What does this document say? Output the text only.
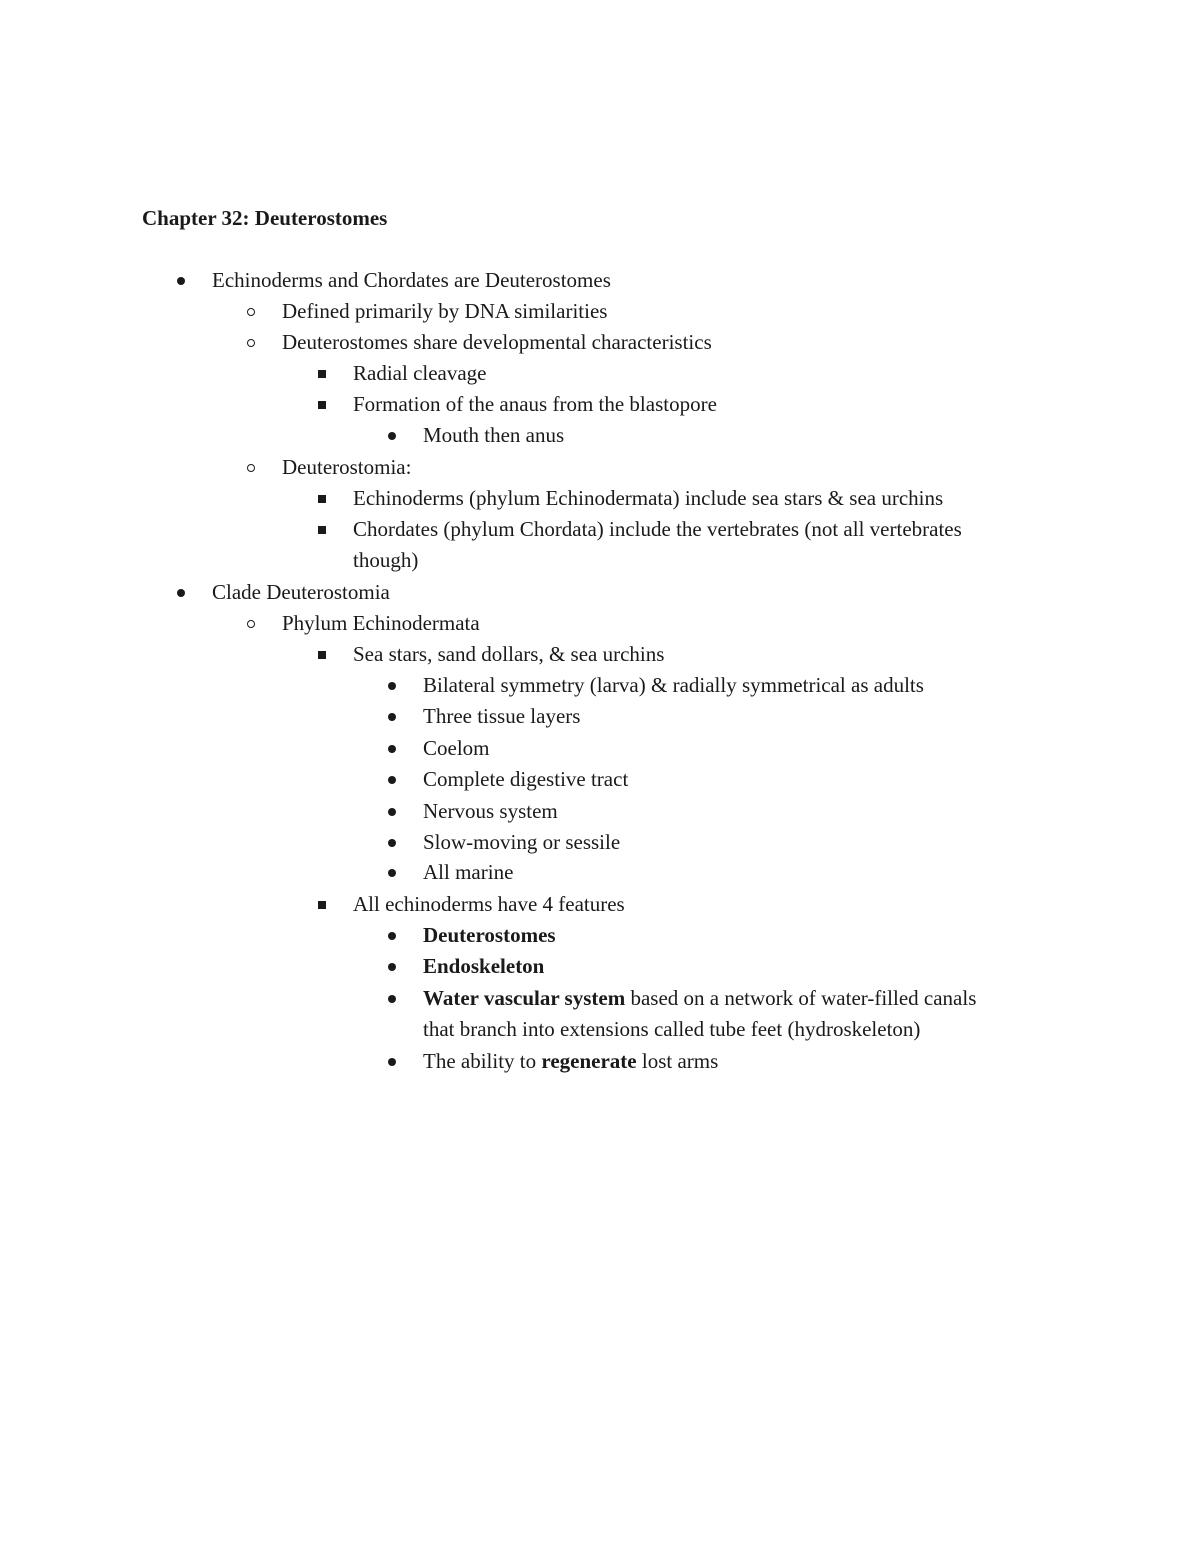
Chapter 32: Deuterostomes
Echinoderms and Chordates are Deuterostomes
Defined primarily by DNA similarities
Deuterostomes share developmental characteristics
Radial cleavage
Formation of the anaus from the blastopore
Mouth then anus
Deuterostomia:
Echinoderms (phylum Echinodermata) include sea stars & sea urchins
Chordates (phylum Chordata) include the vertebrates (not all vertebrates
though)
Clade Deuterostomia
Phylum Echinodermata
Sea stars, sand dollars, & sea urchins
Bilateral symmetry (larva) & radially symmetrical as adults
Three tissue layers
Coelom
Complete digestive tract
Nervous system
Slow-moving or sessile
All marine
All echinoderms have 4 features
Deuterostomes
Endoskeleton
Water vascular system based on a network of water-filled canals
that branch into extensions called tube feet (hydroskeleton)
The ability to regenerate lost arms
